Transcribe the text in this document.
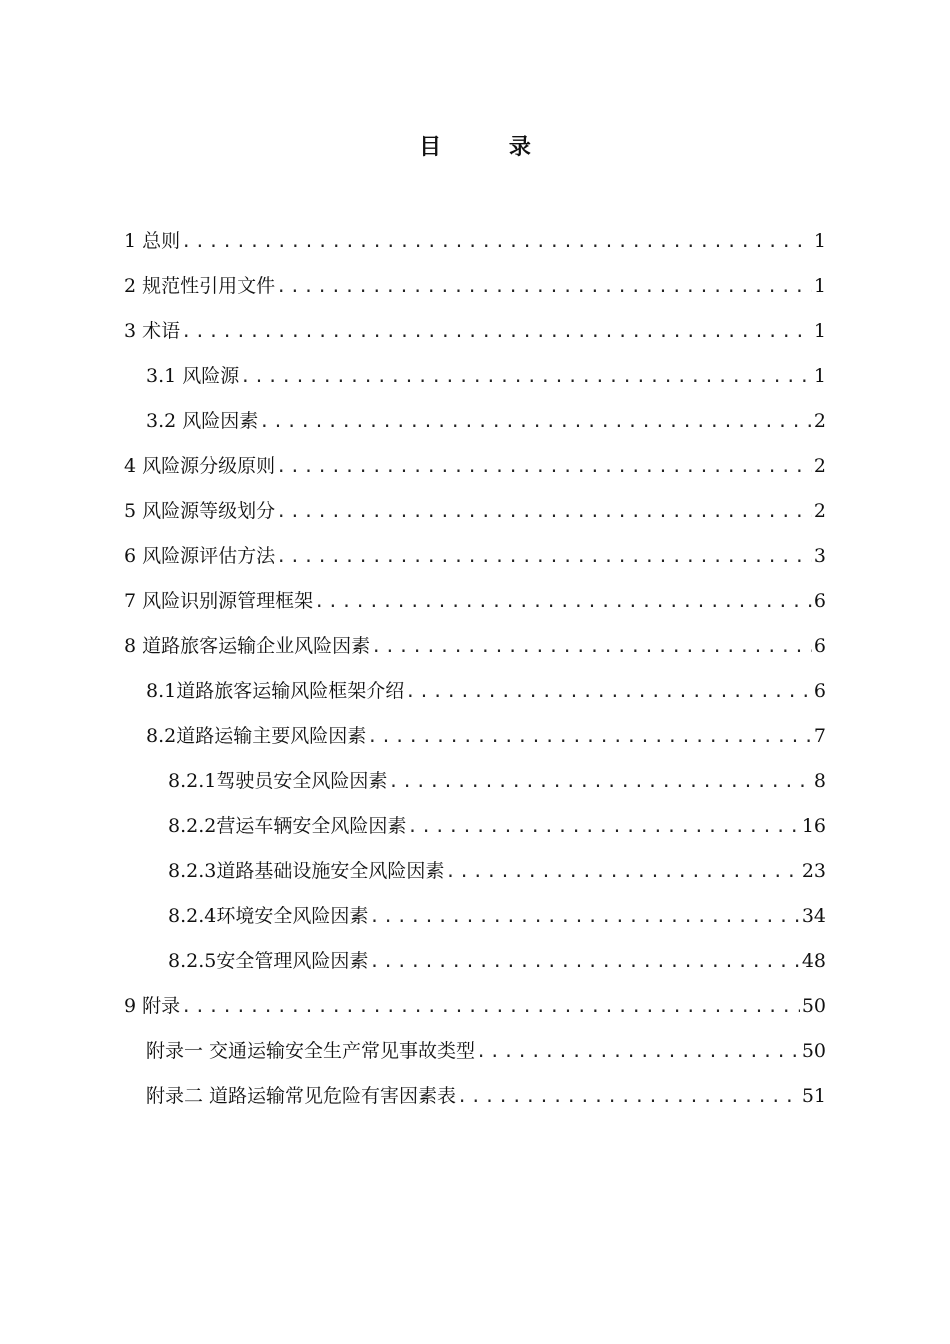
目 录
1 总则 .....	1
2 规范性引用文件 .....	1
3 术语 .....	1
3.1 风险源 .....	1
3.2 风险因素 .....	2
4 风险源分级原则 .....	2
5 风险源等级划分 .....	2
6 风险源评估方法 .....	3
7 风险识别源管理框架 .....	6
8 道路旅客运输企业风险因素 .....	6
8.1 道路旅客运输风险框架介绍 .....	6
8.2 道路运输主要风险因素 .....	7
8.2.1 驾驶员安全风险因素 .....	8
8.2.2 营运车辆安全风险因素 .....	16
8.2.3 道路基础设施安全风险因素 .....	23
8.2.4 环境安全风险因素 .....	34
8.2.5 安全管理风险因素 .....	48
9 附录 .....	50
附录一 交通运输安全生产常见事故类型 .....	50
附录二 道路运输常见危险有害因素表 .....	51
